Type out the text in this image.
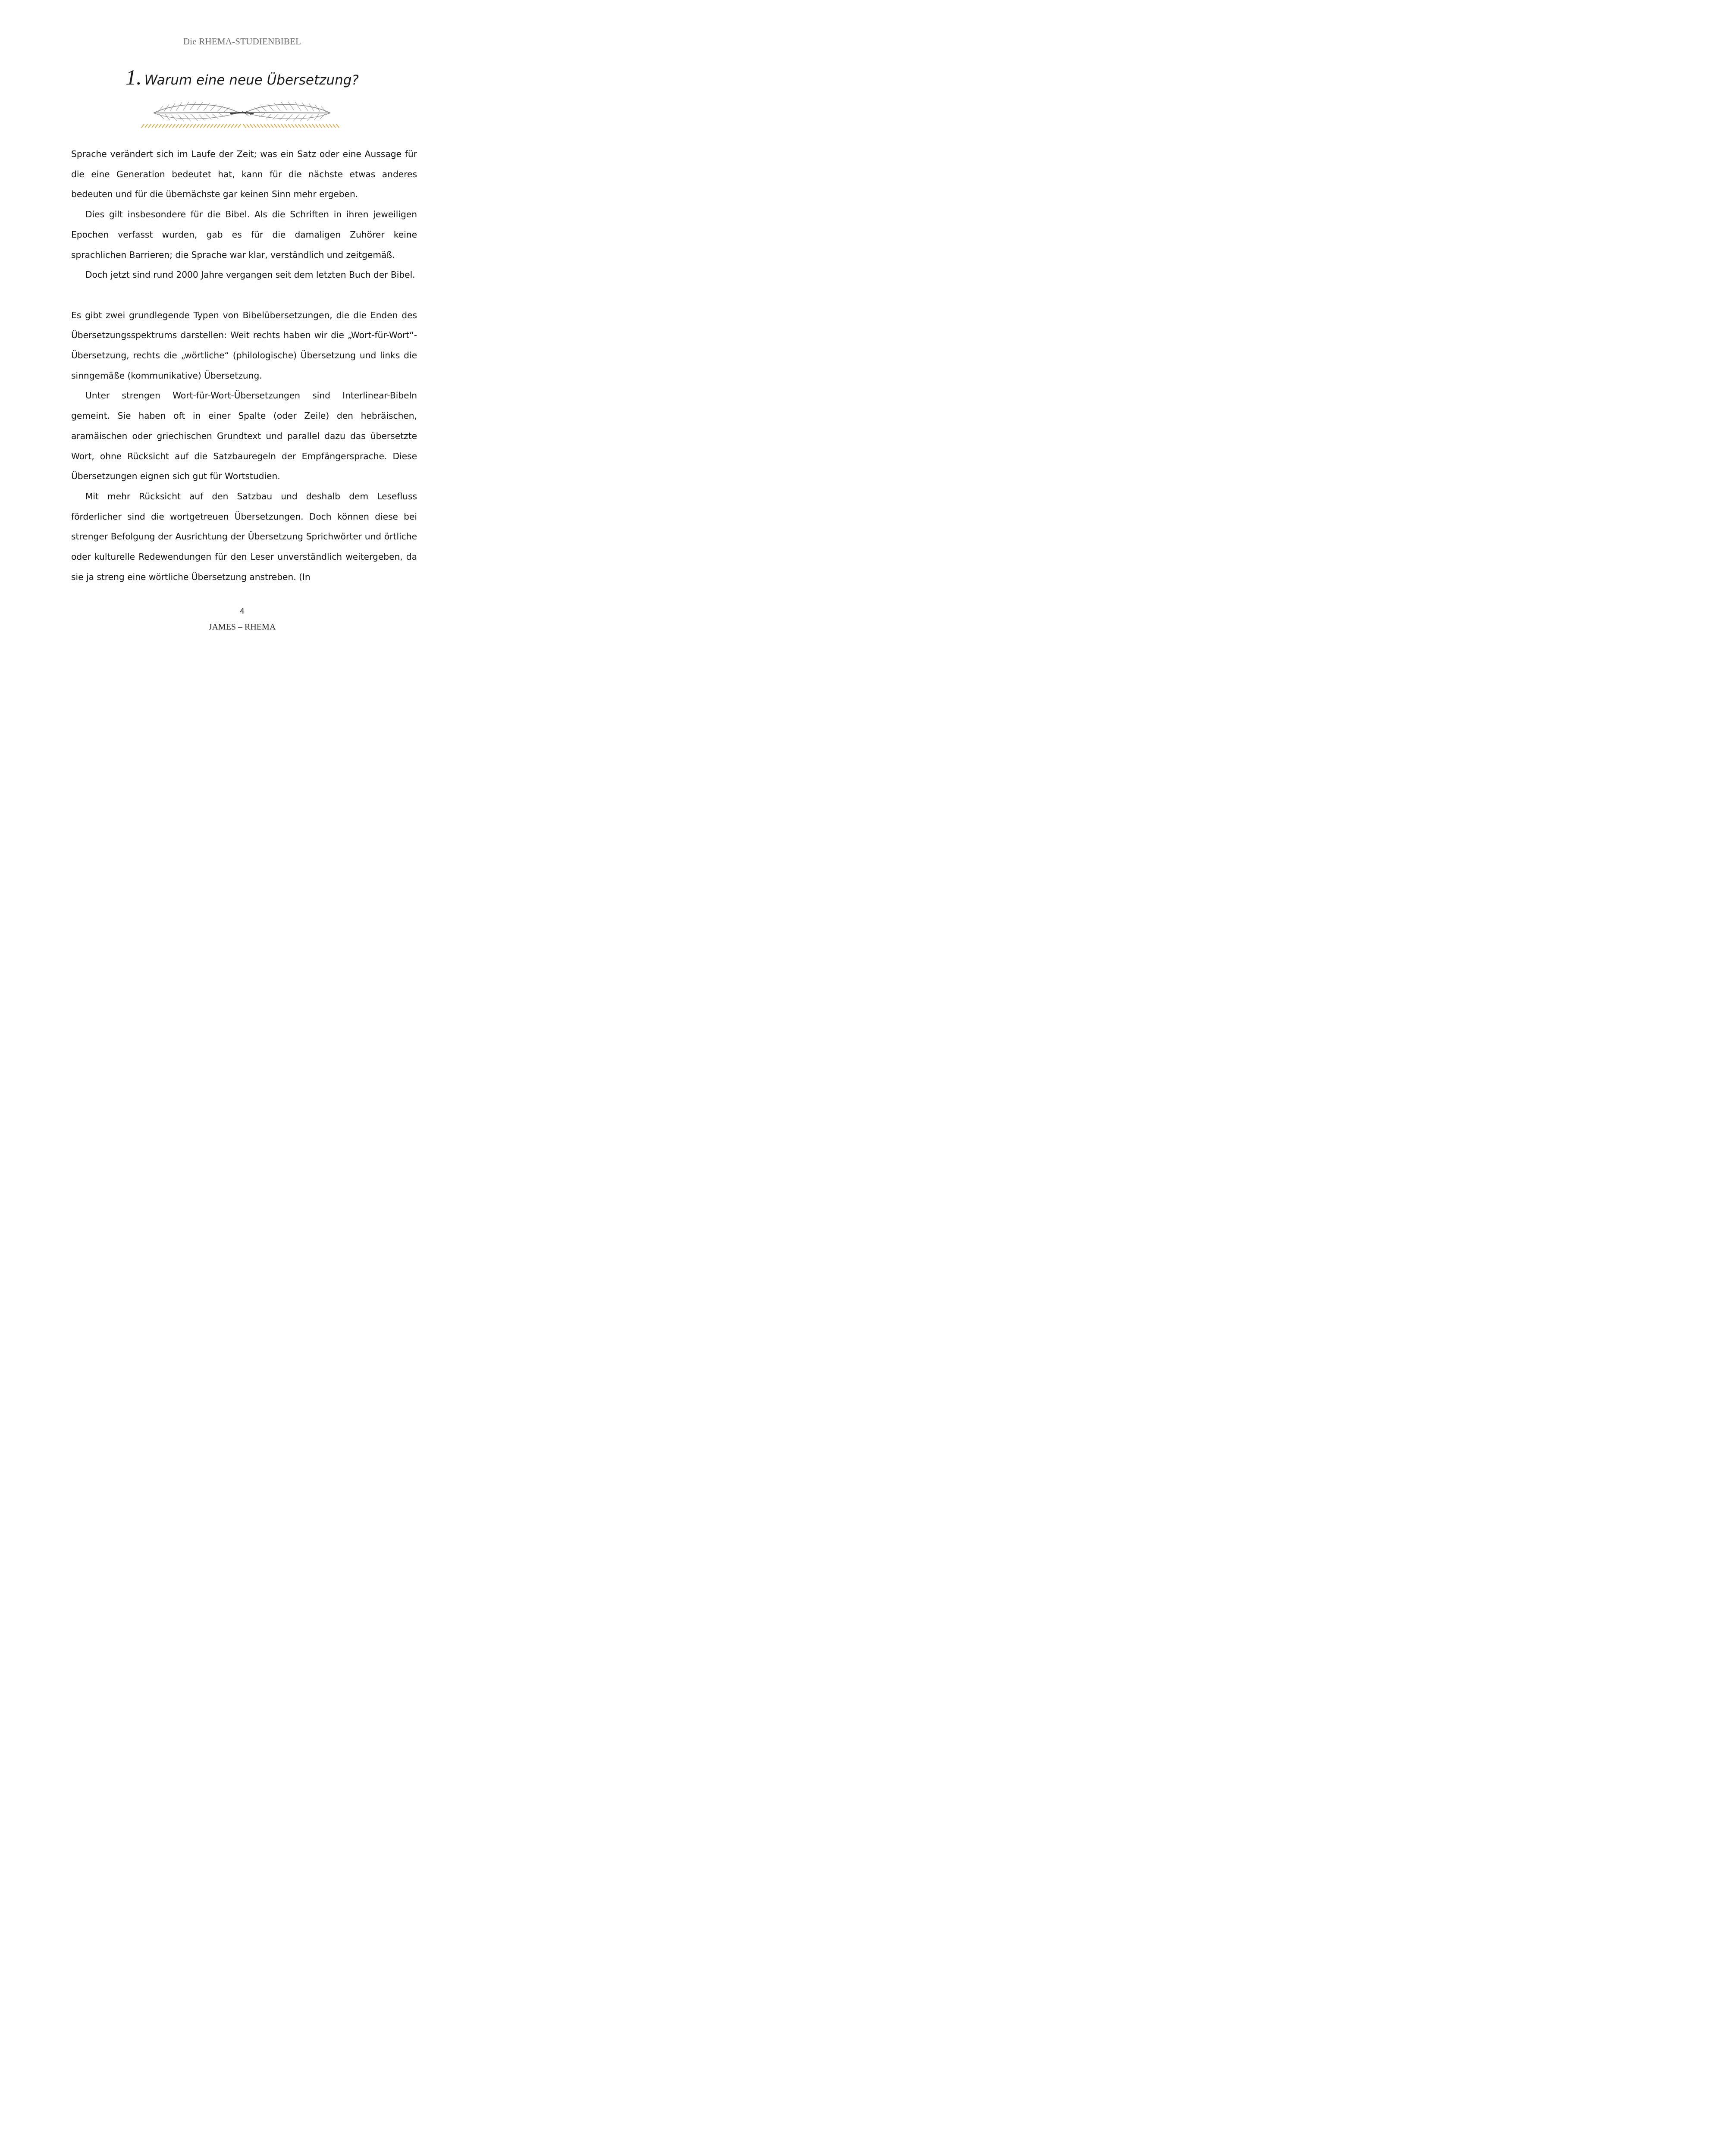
Die RHEMA-STUDIENBIBEL
1. Warum eine neue Übersetzung?

Sprache verändert sich im Laufe der Zeit; was ein Satz oder eine Aussage für die eine Generation bedeutet hat, kann für die nächste etwas anderes bedeuten und für die übernächste gar keinen Sinn mehr ergeben.

Dies gilt insbesondere für die Bibel. Als die Schriften in ihren jeweiligen Epochen verfasst wurden, gab es für die damaligen Zuhörer keine sprachlichen Barrieren; die Sprache war klar, verständlich und zeitgemäß.

Doch jetzt sind rund 2000 Jahre vergangen seit dem letzten Buch der Bibel.

Es gibt zwei grundlegende Typen von Bibelübersetzungen, die die Enden des Übersetzungsspektrums darstellen: Weit rechts haben wir die „Wort-für-Wort“-Übersetzung, rechts die „wörtliche“ (philologische) Übersetzung und links die sinngemäße (kommunikative) Übersetzung.

Unter strengen Wort-für-Wort-Übersetzungen sind Interlinear-Bibeln gemeint. Sie haben oft in einer Spalte (oder Zeile) den hebräischen, aramäischen oder griechischen Grundtext und parallel dazu das übersetzte Wort, ohne Rücksicht auf die Satzbauregeln der Empfängersprache. Diese Übersetzungen eignen sich gut für Wortstudien.

Mit mehr Rücksicht auf den Satzbau und deshalb dem Lesefluss förderlicher sind die wortgetreuen Übersetzungen. Doch können diese bei strenger Befolgung der Ausrichtung der Übersetzung Sprichwörter und örtliche oder kulturelle Redewendungen für den Leser unverständlich weitergeben, da sie ja streng eine wörtliche Übersetzung anstreben. (In

4
JAMES – RHEMA
